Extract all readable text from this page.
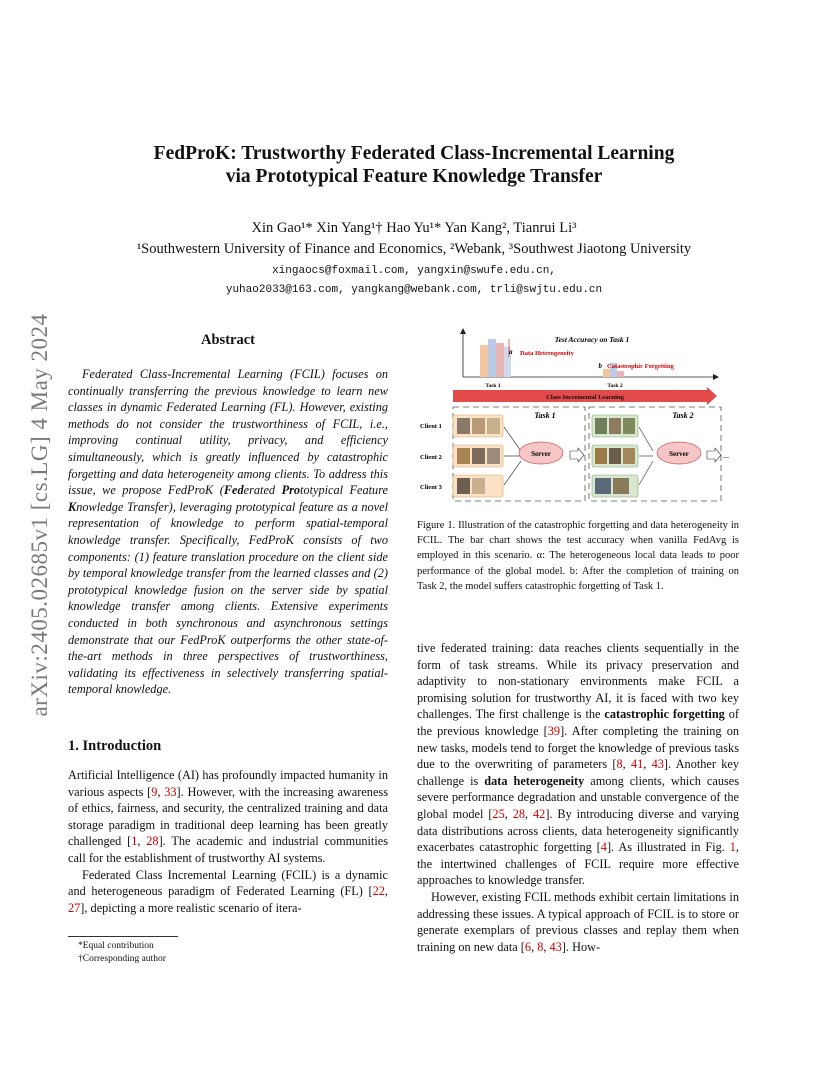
arXiv:2405.02685v1 [cs.LG] 4 May 2024
FedProK: Trustworthy Federated Class-Incremental Learning
via Prototypical Feature Knowledge Transfer
Xin Gao¹* Xin Yang¹† Hao Yu¹* Yan Kang², Tianrui Li³
¹Southwestern University of Finance and Economics, ²Webank, ³Southwest Jiaotong University
xingaocs@foxmail.com, yangxin@swufe.edu.cn,
yuhao2033@163.com, yangkang@webank.com, trli@swjtu.edu.cn
Abstract

Federated Class-Incremental Learning (FCIL) focuses on continually transferring the previous knowledge to learn new classes in dynamic Federated Learning (FL). However, existing methods do not consider the trustworthiness of FCIL, i.e., improving continual utility, privacy, and efficiency simultaneously, which is greatly influenced by catastrophic forgetting and data heterogeneity among clients. To address this issue, we propose FedProK (Federated Prototypical Feature Knowledge Transfer), leveraging prototypical feature as a novel representation of knowledge to perform spatial-temporal knowledge transfer. Specifically, FedProK consists of two components: (1) feature translation procedure on the client side by temporal knowledge transfer from the learned classes and (2) prototypical knowledge fusion on the server side by spatial knowledge transfer among clients. Extensive experiments conducted in both synchronous and asynchronous settings demonstrate that our FedProK outperforms the other state-of-the-art methods in three perspectives of trustworthiness, validating its effectiveness in selectively transferring spatial-temporal knowledge.

1. Introduction

Artificial Intelligence (AI) has profoundly impacted humanity in various aspects [9, 33]. However, with the increasing awareness of ethics, fairness, and security, the centralized training and data storage paradigm in traditional deep learning has been greatly challenged [1, 28]. The academic and industrial communities call for the establishment of trustworthy AI systems.

Federated Class Incremental Learning (FCIL) is a dynamic and heterogeneous paradigm of Federated Learning (FL) [22, 27], depicting a more realistic scenario of itera-

*Equal contribution

†Corresponding author

Test Accuracy on Task 1
a Data Heterogeneity
b Catastrophic Forgetting
Task 1	Task 2
Class Incremental Learning
Task 1	Task 2
Client 1
Client 2
Client 3
Server	Server	...
Figure 1. Illustration of the catastrophic forgetting and data heterogeneity in FCIL. The bar chart shows the test accuracy when vanilla FedAvg is employed in this scenario. α: The heterogeneous local data leads to poor performance of the global model. b: After the completion of training on Task 2, the model suffers catastrophic forgetting of Task 1.

tive federated training: data reaches clients sequentially in the form of task streams. While its privacy preservation and adaptivity to non-stationary environments make FCIL a promising solution for trustworthy AI, it is faced with two key challenges. The first challenge is the catastrophic forgetting of the previous knowledge [39]. After completing the training on new tasks, models tend to forget the knowledge of previous tasks due to the overwriting of parameters [8, 41, 43]. Another key challenge is data heterogeneity among clients, which causes severe performance degradation and unstable convergence of the global model [25, 28, 42]. By introducing diverse and varying data distributions across clients, data heterogeneity significantly exacerbates catastrophic forgetting [4]. As illustrated in Fig. 1, the intertwined challenges of FCIL require more effective approaches to knowledge transfer.

However, existing FCIL methods exhibit certain limitations in addressing these issues. A typical approach of FCIL is to store or generate exemplars of previous classes and replay them when training on new data [6, 8, 43]. How-
